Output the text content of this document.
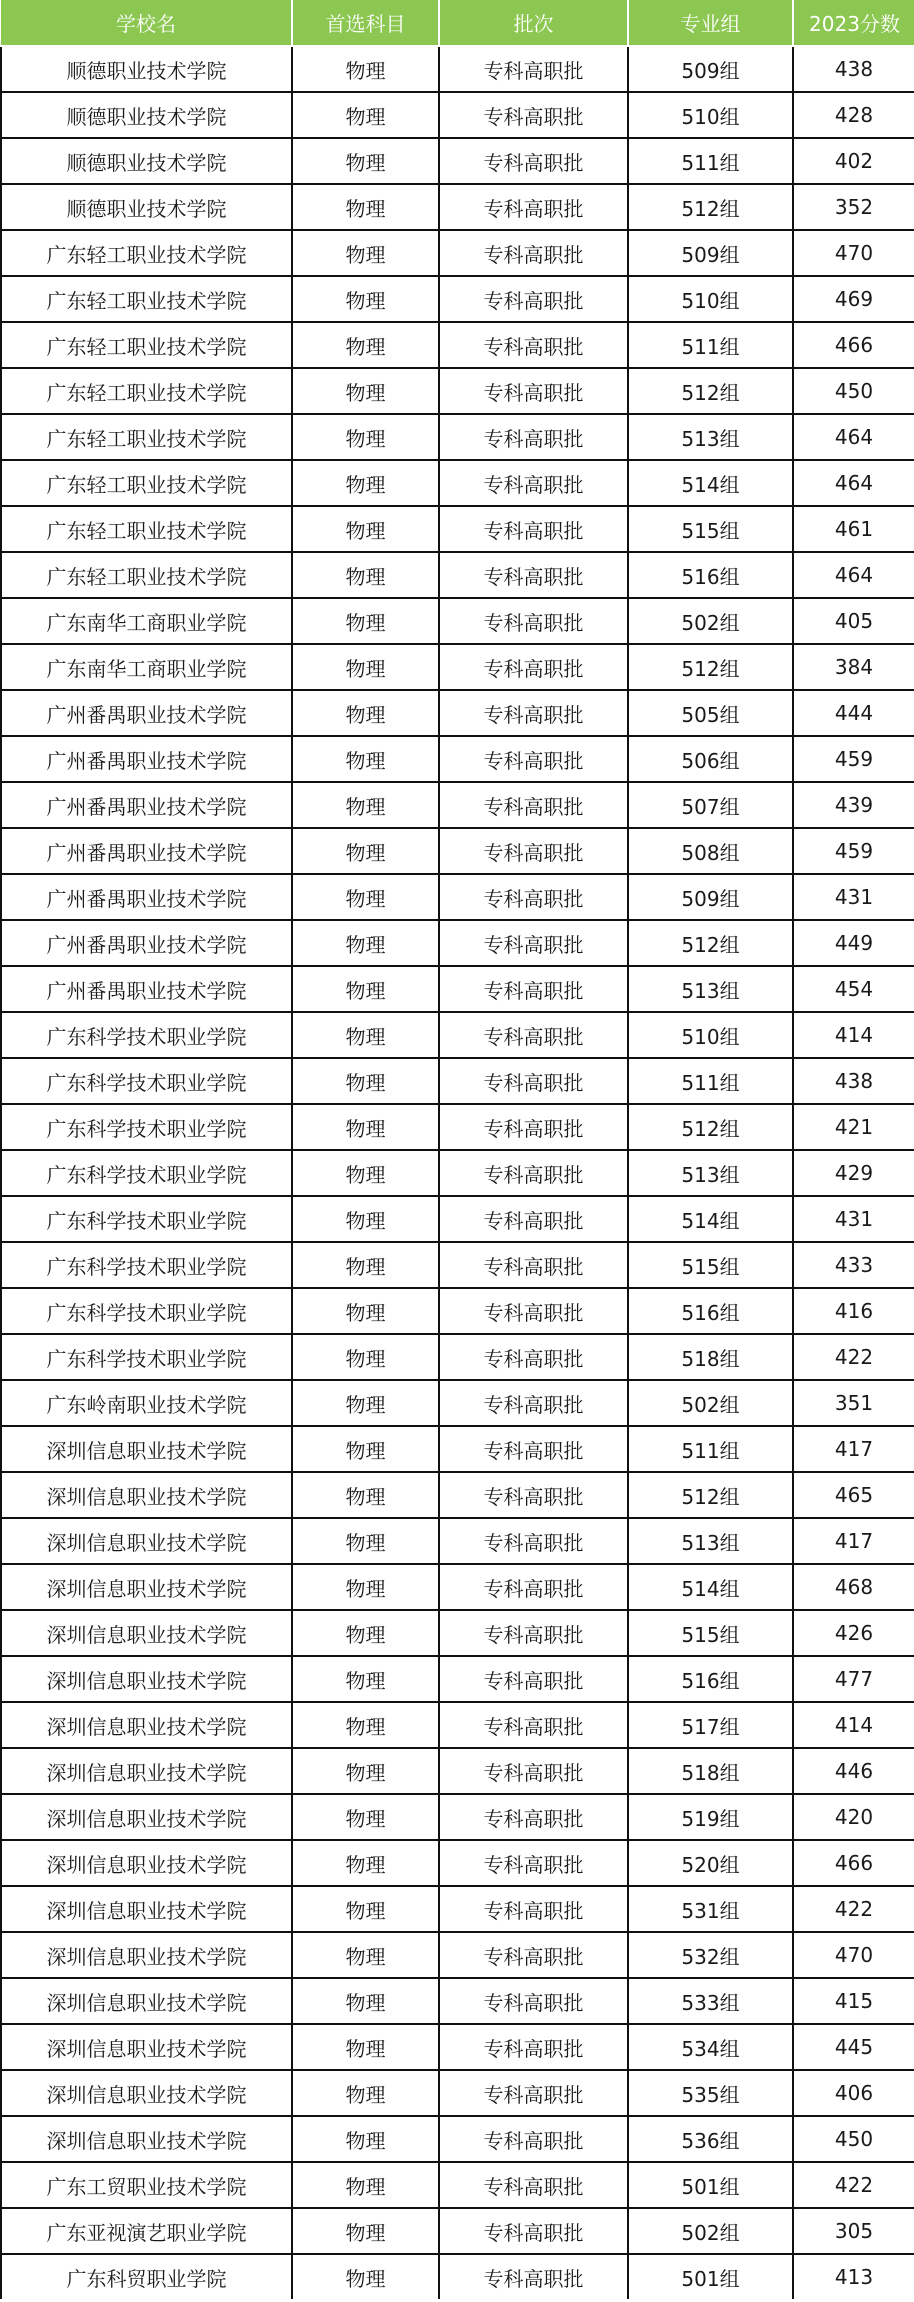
学校名	首选科目	批次	专业组	2023分数
顺德职业技术学院	物理	专科高职批	509组	438
顺德职业技术学院	物理	专科高职批	510组	428
顺德职业技术学院	物理	专科高职批	511组	402
顺德职业技术学院	物理	专科高职批	512组	352
广东轻工职业技术学院	物理	专科高职批	509组	470
广东轻工职业技术学院	物理	专科高职批	510组	469
广东轻工职业技术学院	物理	专科高职批	511组	466
广东轻工职业技术学院	物理	专科高职批	512组	450
广东轻工职业技术学院	物理	专科高职批	513组	464
广东轻工职业技术学院	物理	专科高职批	514组	464
广东轻工职业技术学院	物理	专科高职批	515组	461
广东轻工职业技术学院	物理	专科高职批	516组	464
广东南华工商职业学院	物理	专科高职批	502组	405
广东南华工商职业学院	物理	专科高职批	512组	384
广州番禺职业技术学院	物理	专科高职批	505组	444
广州番禺职业技术学院	物理	专科高职批	506组	459
广州番禺职业技术学院	物理	专科高职批	507组	439
广州番禺职业技术学院	物理	专科高职批	508组	459
广州番禺职业技术学院	物理	专科高职批	509组	431
广州番禺职业技术学院	物理	专科高职批	512组	449
广州番禺职业技术学院	物理	专科高职批	513组	454
广东科学技术职业学院	物理	专科高职批	510组	414
广东科学技术职业学院	物理	专科高职批	511组	438
广东科学技术职业学院	物理	专科高职批	512组	421
广东科学技术职业学院	物理	专科高职批	513组	429
广东科学技术职业学院	物理	专科高职批	514组	431
广东科学技术职业学院	物理	专科高职批	515组	433
广东科学技术职业学院	物理	专科高职批	516组	416
广东科学技术职业学院	物理	专科高职批	518组	422
广东岭南职业技术学院	物理	专科高职批	502组	351
深圳信息职业技术学院	物理	专科高职批	511组	417
深圳信息职业技术学院	物理	专科高职批	512组	465
深圳信息职业技术学院	物理	专科高职批	513组	417
深圳信息职业技术学院	物理	专科高职批	514组	468
深圳信息职业技术学院	物理	专科高职批	515组	426
深圳信息职业技术学院	物理	专科高职批	516组	477
深圳信息职业技术学院	物理	专科高职批	517组	414
深圳信息职业技术学院	物理	专科高职批	518组	446
深圳信息职业技术学院	物理	专科高职批	519组	420
深圳信息职业技术学院	物理	专科高职批	520组	466
深圳信息职业技术学院	物理	专科高职批	531组	422
深圳信息职业技术学院	物理	专科高职批	532组	470
深圳信息职业技术学院	物理	专科高职批	533组	415
深圳信息职业技术学院	物理	专科高职批	534组	445
深圳信息职业技术学院	物理	专科高职批	535组	406
深圳信息职业技术学院	物理	专科高职批	536组	450
广东工贸职业技术学院	物理	专科高职批	501组	422
广东亚视演艺职业学院	物理	专科高职批	502组	305
广东科贸职业学院	物理	专科高职批	501组	413
